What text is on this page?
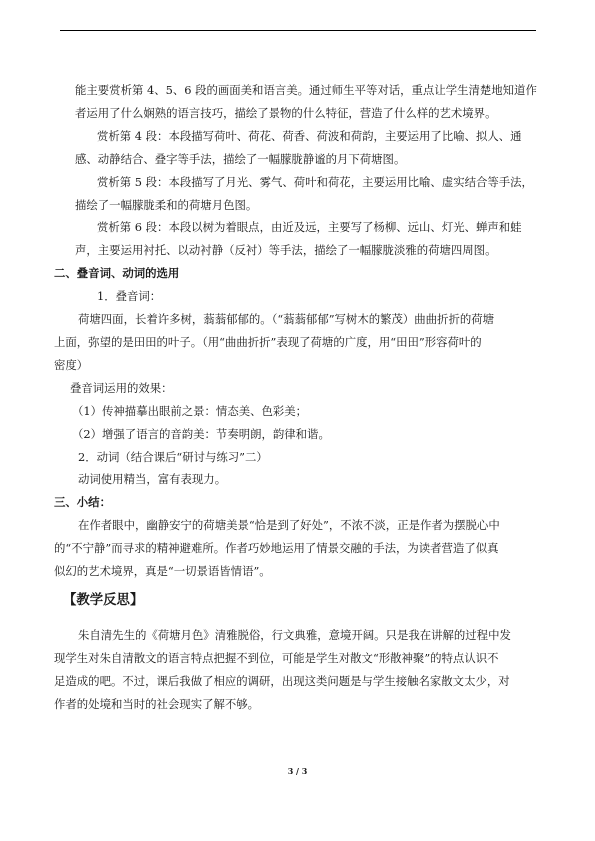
能主要赏析第 4、5、6 段的画面美和语言美。通过师生平等对话，重点让学生清楚地知道作

者运用了什么娴熟的语言技巧，描绘了景物的什么特征，营造了什么样的艺术境界。

赏析第 4 段：本段描写荷叶、荷花、荷香、荷波和荷韵，主要运用了比喻、拟人、通

感、动静结合、叠字等手法，描绘了一幅朦胧静谧的月下荷塘图。

赏析第 5 段：本段描写了月光、雾气、荷叶和荷花，主要运用比喻、虚实结合等手法，

描绘了一幅朦胧柔和的荷塘月色图。

赏析第 6 段：本段以树为着眼点，由近及远，主要写了杨柳、远山、灯光、蝉声和蛙

声，主要运用衬托、以动衬静（反衬）等手法，描绘了一幅朦胧淡雅的荷塘四周图。

二、叠音词、动词的选用

1．叠音词：

荷塘四面，长着许多树，蓊蓊郁郁的。（“蓊蓊郁郁”写树木的繁茂）曲曲折折的荷塘

上面，弥望的是田田的叶子。（用“曲曲折折”表现了荷塘的广度，用“田田”形容荷叶的

密度）

叠音词运用的效果：

（1）传神描摹出眼前之景：情态美、色彩美；

（2）增强了语言的音韵美：节奏明朗，韵律和谐。

2．动词（结合课后“研讨与练习”二）

动词使用精当，富有表现力。

三、小结：

在作者眼中，幽静安宁的荷塘美景“恰是到了好处”，不浓不淡，正是作者为摆脱心中

的“不宁静”而寻求的精神避难所。作者巧妙地运用了情景交融的手法，为读者营造了似真

似幻的艺术境界，真是“一切景语皆情语”。

【教学反思】

朱自清先生的《荷塘月色》清雅脱俗，行文典雅，意境开阔。只是我在讲解的过程中发

现学生对朱自清散文的语言特点把握不到位，可能是学生对散文“形散神聚”的特点认识不

足造成的吧。不过，课后我做了相应的调研，出现这类问题是与学生接触名家散文太少，对

作者的处境和当时的社会现实了解不够。

3 / 3
